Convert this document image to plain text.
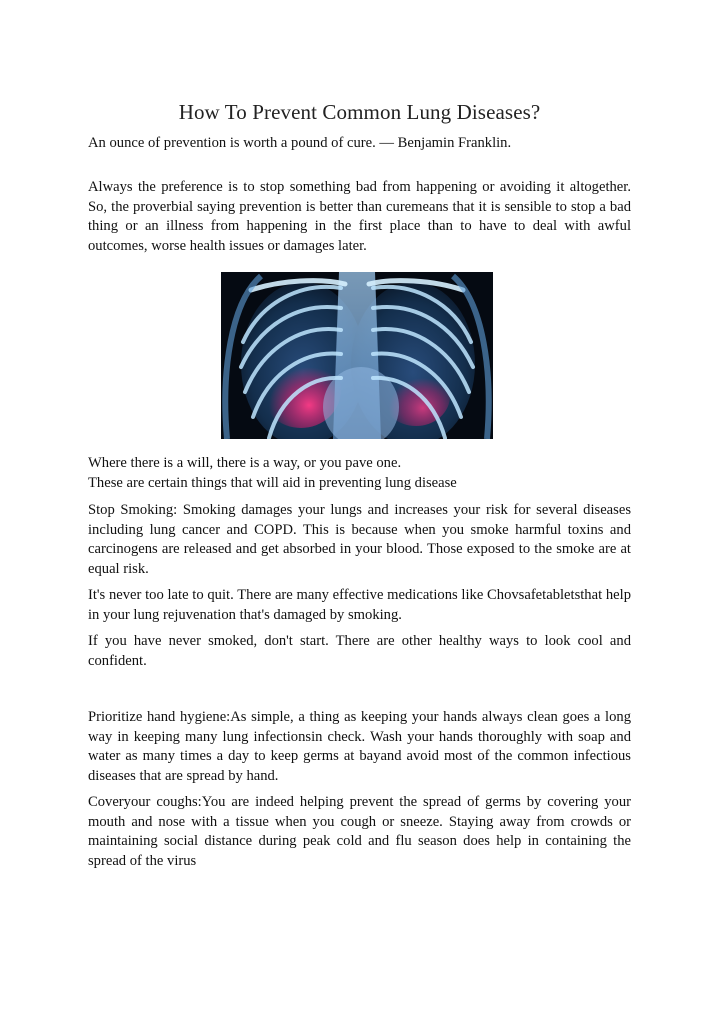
How To Prevent Common Lung Diseases?
An ounce of prevention is worth a pound of cure. — Benjamin Franklin.

Always the preference is to stop something bad from happening or avoiding it altogether. So, the proverbial saying prevention is better than curemeans that it is sensible to stop a bad thing or an illness from happening in the first place than to have to deal with awful outcomes, worse health issues or damages later.

Where there is a will, there is a way, or you pave one.

These are certain things that will aid in preventing lung disease

Stop Smoking: Smoking damages your lungs and increases your risk for several diseases including lung cancer and COPD. This is because when you smoke harmful toxins and carcinogens are released and get absorbed in your blood. Those exposed to the smoke are at equal risk.

It's never too late to quit. There are many effective medications like Chovsafetabletsthat help in your lung rejuvenation that's damaged by smoking.

If you have never smoked, don't start. There are other healthy ways to look cool and confident.

Prioritize hand hygiene:As simple, a thing as keeping your hands always clean goes a long way in keeping many lung infectionsin check. Wash your hands thoroughly with soap and water as many times a day to keep germs at bayand avoid most of the common infectious diseases that are spread by hand.

Coveryour coughs:You are indeed helping prevent the spread of germs by covering your mouth and nose with a tissue when you cough or sneeze. Staying away from crowds or maintaining social distance during peak cold and flu season does help in containing the spread of the virus
